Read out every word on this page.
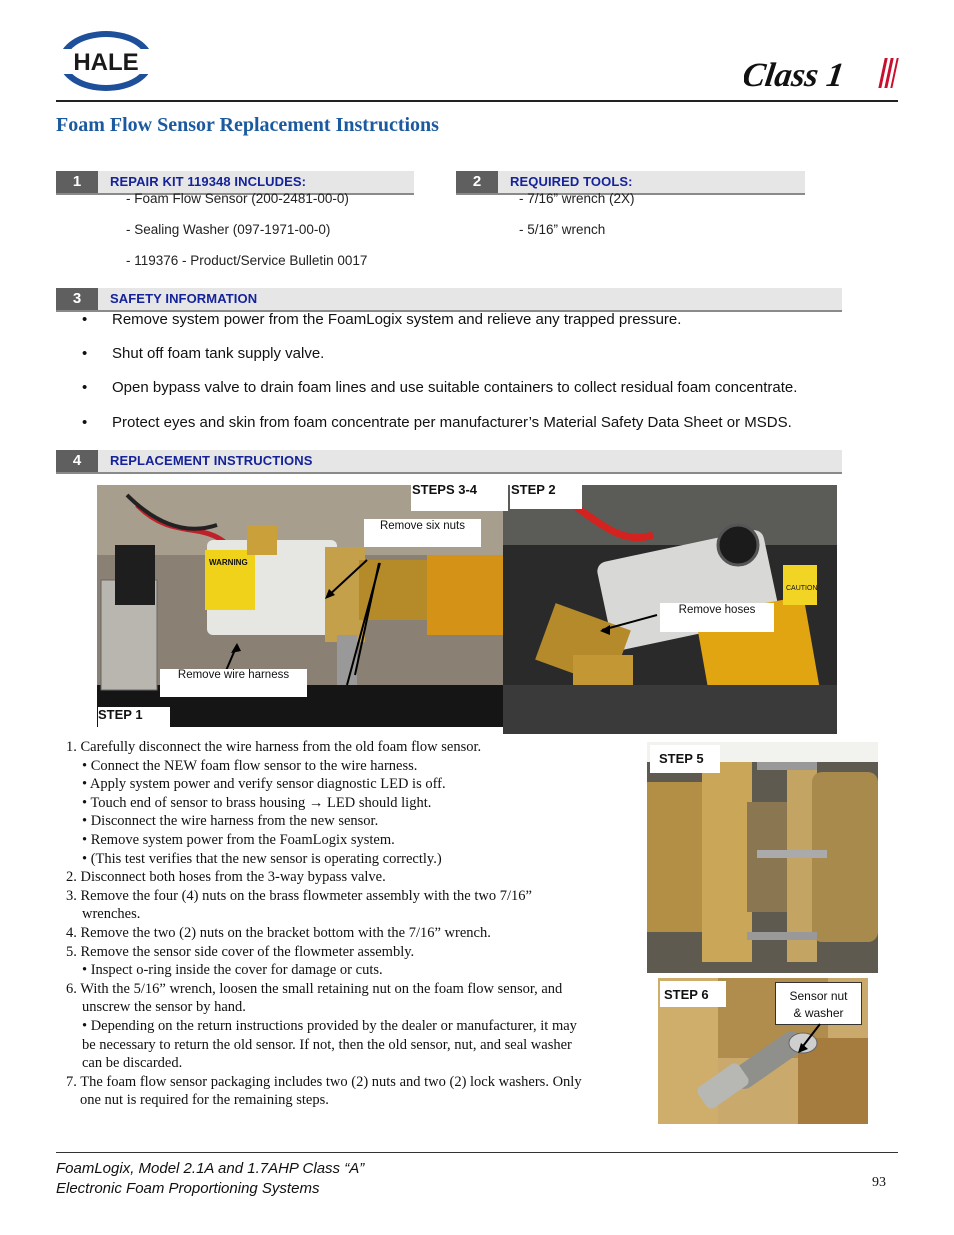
HALE	Class 1
Foam Flow Sensor Replacement Instructions
1	REPAIR KIT 119348 INCLUDES:
- Foam Flow Sensor (200-2481-00-0)
- Sealing Washer (097-1971-00-0)
- 119376 - Product/Service Bulletin 0017
2	REQUIRED TOOLS:
- 7/16” wrench (2X)
- 5/16” wrench
3	SAFETY INFORMATION
• Remove system power from the FoamLogix system and relieve any trapped pressure.
• Shut off foam tank supply valve.
• Open bypass valve to drain foam lines and use suitable containers to collect residual foam concentrate.
• Protect eyes and skin from foam concentrate per manufacturer’s Material Safety Data Sheet or MSDS.
4	REPLACEMENT INSTRUCTIONS
WARNING
CAUTION
STEPS 3-4	STEP 2
Remove six nuts
Remove hoses
Remove wire harness
STEP 1
STEP 5
STEP 6	Sensor nut
& washer
1. Carefully disconnect the wire harness from the old foam flow sensor.
• Connect the NEW foam flow sensor to the wire harness.
• Apply system power and verify sensor diagnostic LED is off.
• Touch end of sensor to brass housing → LED should light.
• Disconnect the wire harness from the new sensor.
• Remove system power from the FoamLogix system.
• (This test verifies that the new sensor is operating correctly.)
2. Disconnect both hoses from the 3-way bypass valve.
3. Remove the four (4) nuts on the brass flowmeter assembly with the two 7/16”
wrenches.
4. Remove the two (2) nuts on the bracket bottom with the 7/16” wrench.
5. Remove the sensor side cover of the flowmeter assembly.
• Inspect o-ring inside the cover for damage or cuts.
6. With the 5/16” wrench, loosen the small retaining nut on the foam flow sensor, and
unscrew the sensor by hand.
• Depending on the return instructions provided by the dealer or manufacturer, it may
be necessary to return the old sensor. If not, then the old sensor, nut, and seal washer
can be discarded.
7. The foam flow sensor packaging includes two (2) nuts and two (2) lock washers. Only
one nut is required for the remaining steps.
FoamLogix, Model 2.1A and 1.7AHP Class “A”
Electronic Foam Proportioning Systems	93
